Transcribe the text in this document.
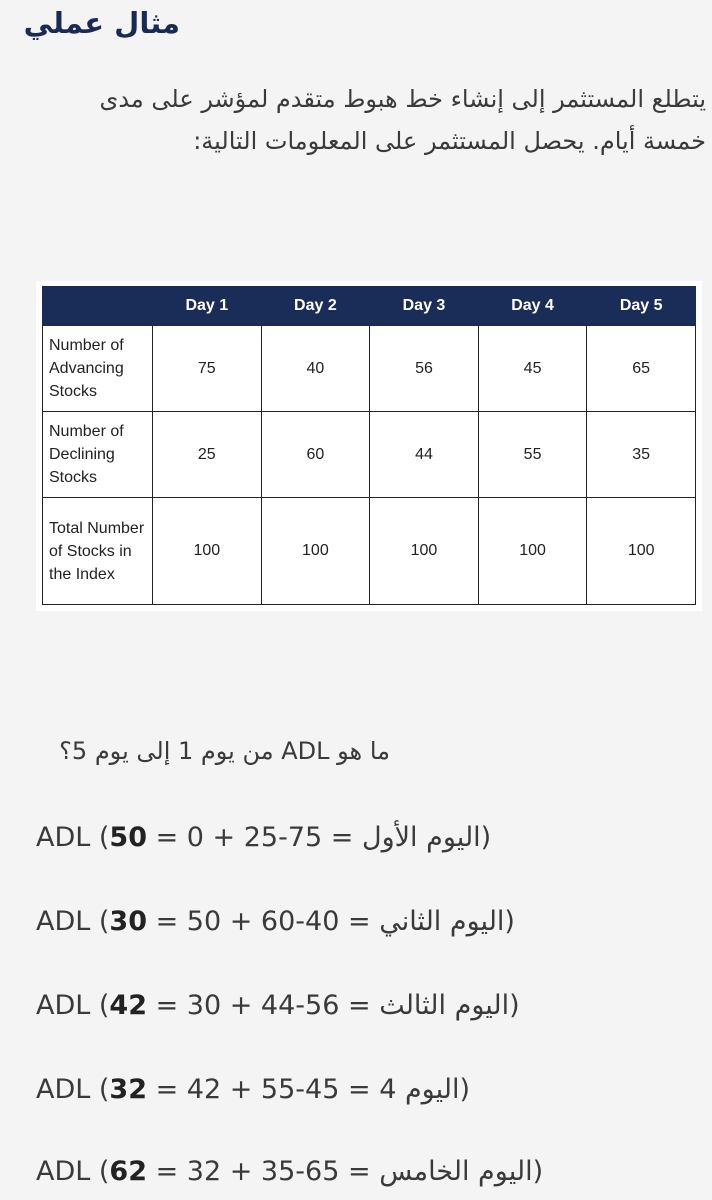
مثال عملي

يتطلع المستثمر إلى إنشاء خط هبوط متقدم لمؤشر على مدى خمسة أيام. يحصل المستثمر على المعلومات التالية:

	Day 1	Day 2	Day 3	Day 4	Day 5
Number of Advancing Stocks	75	40	56	45	65
Number of Declining Stocks	25	60	44	55	35
Total Number of Stocks in the Index	100	100	100	100	100

من يوم 1 إلى يوم 5؟ ADL ما هو

ADL (50 = 0 + 25-75 = (اليوم الأول
ADL (30 = 50 + 60-40 = (اليوم الثاني
ADL (42 = 30 + 44-56 = (اليوم الثالث
ADL (32 = 42 + 55-45 = (اليوم 4
ADL (62 = 32 + 35-65 = (اليوم الخامس
